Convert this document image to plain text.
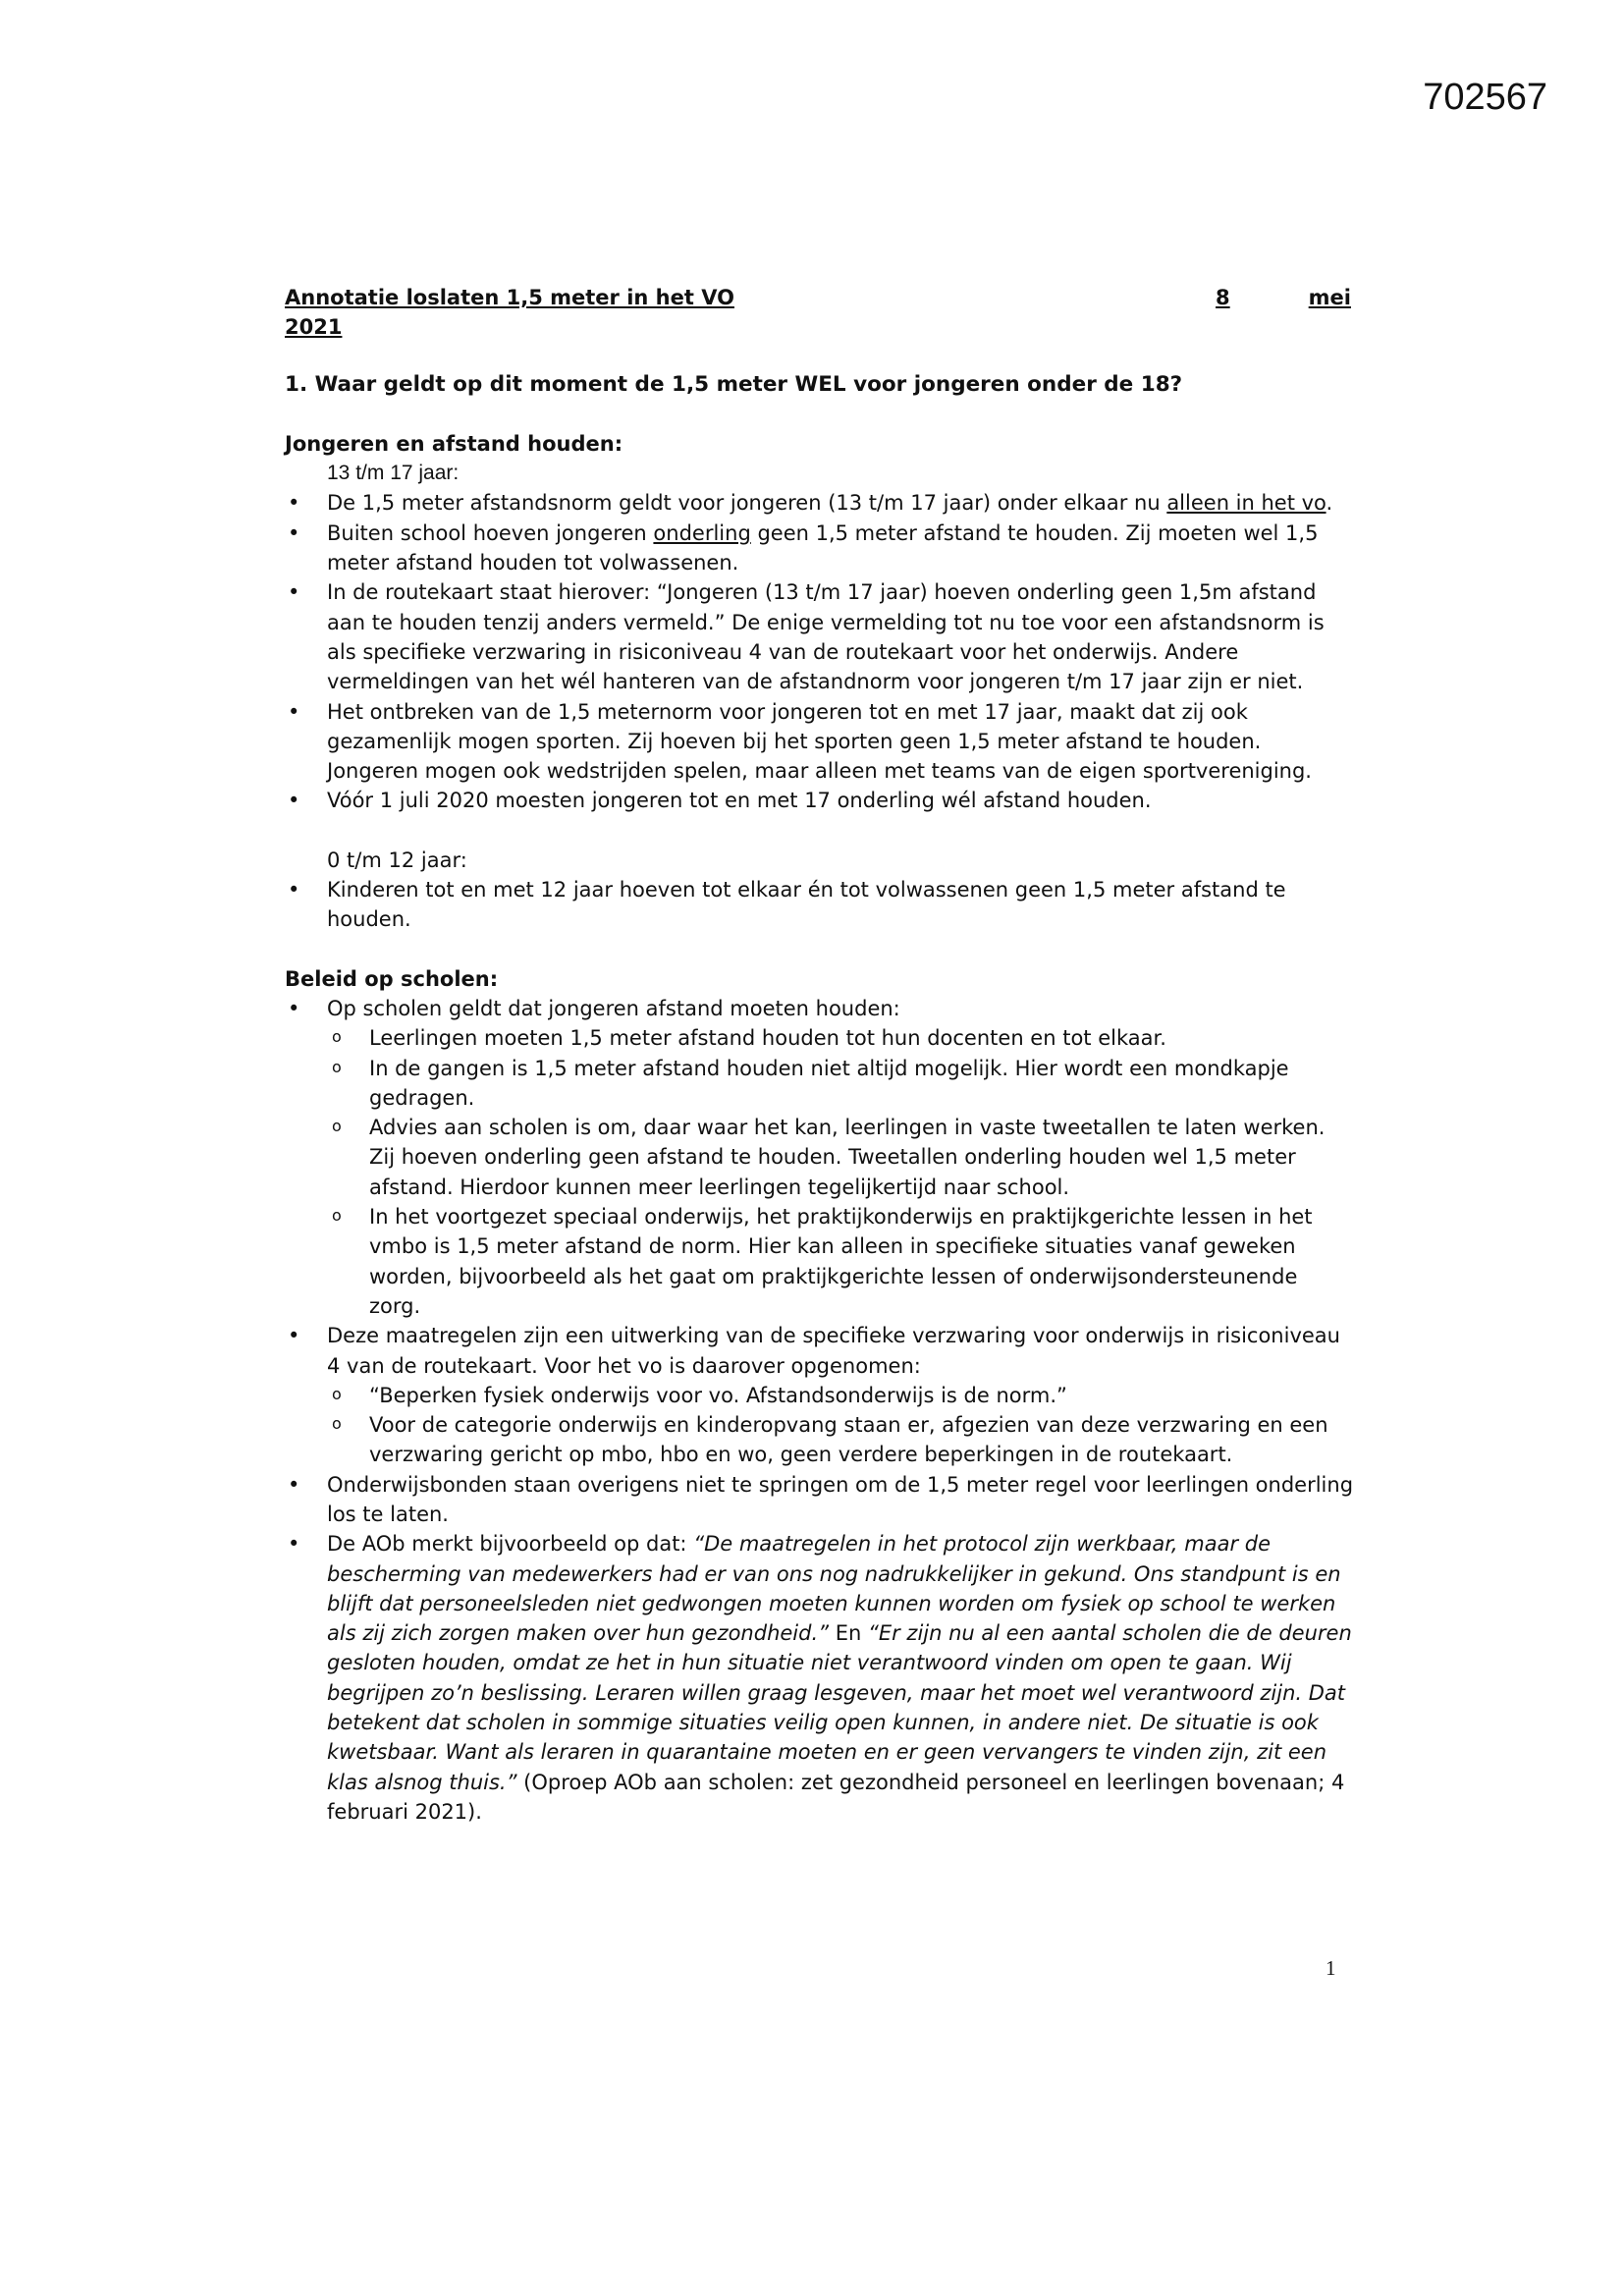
702567
Annotatie loslaten 1,5 meter in het VO	8	mei
2021
1. Waar geldt op dit moment de 1,5 meter WEL voor jongeren onder de 18?
Jongeren en afstand houden:
13 t/m 17 jaar:
• De 1,5 meter afstandsnorm geldt voor jongeren (13 t/m 17 jaar) onder elkaar nu alleen in het vo.
• Buiten school hoeven jongeren onderling geen 1,5 meter afstand te houden. Zij moeten wel 1,5 meter afstand houden tot volwassenen.
• In de routekaart staat hierover: “Jongeren (13 t/m 17 jaar) hoeven onderling geen 1,5m afstand aan te houden tenzij anders vermeld.” De enige vermelding tot nu toe voor een afstandsnorm is als specifieke verzwaring in risiconiveau 4 van de routekaart voor het onderwijs. Andere vermeldingen van het wél hanteren van de afstandnorm voor jongeren t/m 17 jaar zijn er niet.
• Het ontbreken van de 1,5 meternorm voor jongeren tot en met 17 jaar, maakt dat zij ook gezamenlijk mogen sporten. Zij hoeven bij het sporten geen 1,5 meter afstand te houden. Jongeren mogen ook wedstrijden spelen, maar alleen met teams van de eigen sportvereniging.
• Vóór 1 juli 2020 moesten jongeren tot en met 17 onderling wél afstand houden.
0 t/m 12 jaar:
• Kinderen tot en met 12 jaar hoeven tot elkaar én tot volwassenen geen 1,5 meter afstand te houden.
Beleid op scholen:
• Op scholen geldt dat jongeren afstand moeten houden:
o Leerlingen moeten 1,5 meter afstand houden tot hun docenten en tot elkaar.
o In de gangen is 1,5 meter afstand houden niet altijd mogelijk. Hier wordt een mondkapje gedragen.
o Advies aan scholen is om, daar waar het kan, leerlingen in vaste tweetallen te laten werken. Zij hoeven onderling geen afstand te houden. Tweetallen onderling houden wel 1,5 meter afstand. Hierdoor kunnen meer leerlingen tegelijkertijd naar school.
o In het voortgezet speciaal onderwijs, het praktijkonderwijs en praktijkgerichte lessen in het vmbo is 1,5 meter afstand de norm. Hier kan alleen in specifieke situaties vanaf geweken worden, bijvoorbeeld als het gaat om praktijkgerichte lessen of onderwijsondersteunende zorg.
• Deze maatregelen zijn een uitwerking van de specifieke verzwaring voor onderwijs in risiconiveau 4 van de routekaart. Voor het vo is daarover opgenomen:
o “Beperken fysiek onderwijs voor vo. Afstandsonderwijs is de norm.”
o Voor de categorie onderwijs en kinderopvang staan er, afgezien van deze verzwaring en een verzwaring gericht op mbo, hbo en wo, geen verdere beperkingen in de routekaart.
• Onderwijsbonden staan overigens niet te springen om de 1,5 meter regel voor leerlingen onderling los te laten.
• De AOb merkt bijvoorbeeld op dat: “De maatregelen in het protocol zijn werkbaar, maar de bescherming van medewerkers had er van ons nog nadrukkelijker in gekund. Ons standpunt is en blijft dat personeelsleden niet gedwongen moeten kunnen worden om fysiek op school te werken als zij zich zorgen maken over hun gezondheid.” En “Er zijn nu al een aantal scholen die de deuren gesloten houden, omdat ze het in hun situatie niet verantwoord vinden om open te gaan. Wij begrijpen zo’n beslissing. Leraren willen graag lesgeven, maar het moet wel verantwoord zijn. Dat betekent dat scholen in sommige situaties veilig open kunnen, in andere niet. De situatie is ook kwetsbaar. Want als leraren in quarantaine moeten en er geen vervangers te vinden zijn, zit een klas alsnog thuis.” (Oproep AOb aan scholen: zet gezondheid personeel en leerlingen bovenaan; 4 februari 2021).
1
